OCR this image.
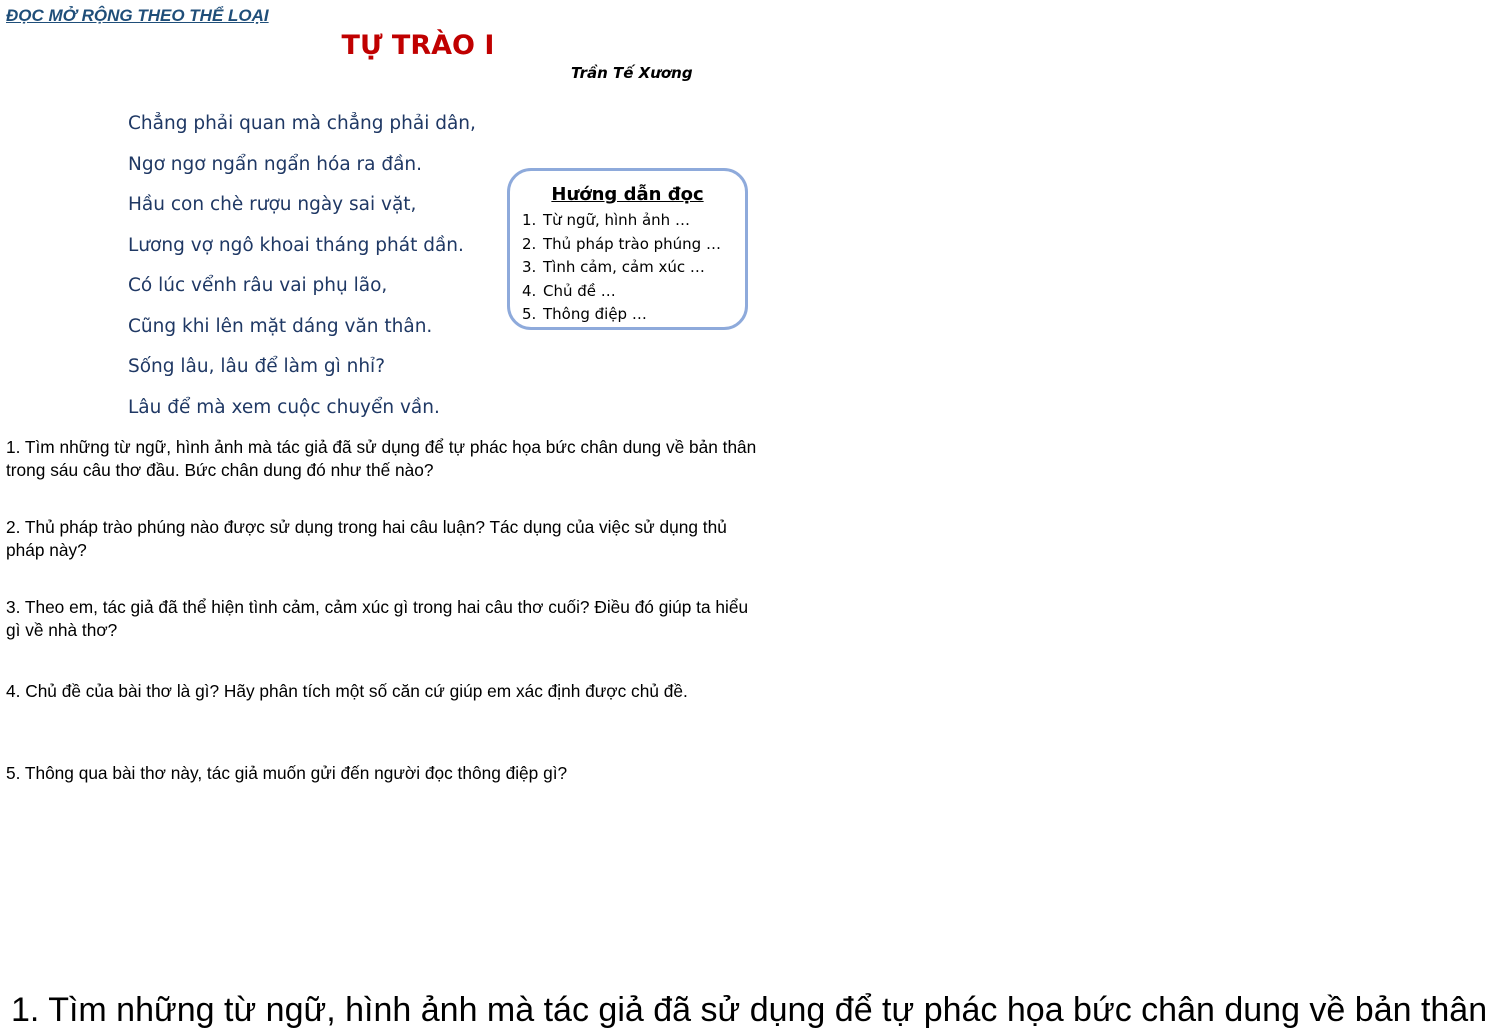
ĐỌC MỞ RỘNG THEO THỂ LOẠI
TỰ TRÀO I
Trần Tế Xương
Chẳng phải quan mà chẳng phải dân,
Ngơ ngơ ngẩn ngẩn hóa ra đần.
Hầu con chè rượu ngày sai vặt,
Lương vợ ngô khoai tháng phát dần.
Có lúc vểnh râu vai phụ lão,
Cũng khi lên mặt dáng văn thân.
Sống lâu, lâu để làm gì nhỉ?
Lâu để mà xem cuộc chuyển vần.
Hướng dẫn đọc
1. Từ ngữ, hình ảnh …
2. Thủ pháp trào phúng …
3. Tình cảm, cảm xúc …
4. Chủ đề …
5. Thông điệp …
1. Tìm những từ ngữ, hình ảnh mà tác giả đã sử dụng để tự phác họa bức chân dung về bản thân trong sáu câu thơ đầu. Bức chân dung đó như thế nào?
2. Thủ pháp trào phúng nào được sử dụng trong hai câu luận? Tác dụng của việc sử dụng thủ pháp này?
3. Theo em, tác giả đã thể hiện tình cảm, cảm xúc gì trong hai câu thơ cuối? Điều đó giúp ta hiểu gì về nhà thơ?
4. Chủ đề của bài thơ là gì? Hãy phân tích một số căn cứ giúp em xác định được chủ đề.
5. Thông qua bài thơ này, tác giả muốn gửi đến người đọc thông điệp gì?
1. Tìm những từ ngữ, hình ảnh mà tác giả đã sử dụng để tự phác họa bức chân dung về bản thân
